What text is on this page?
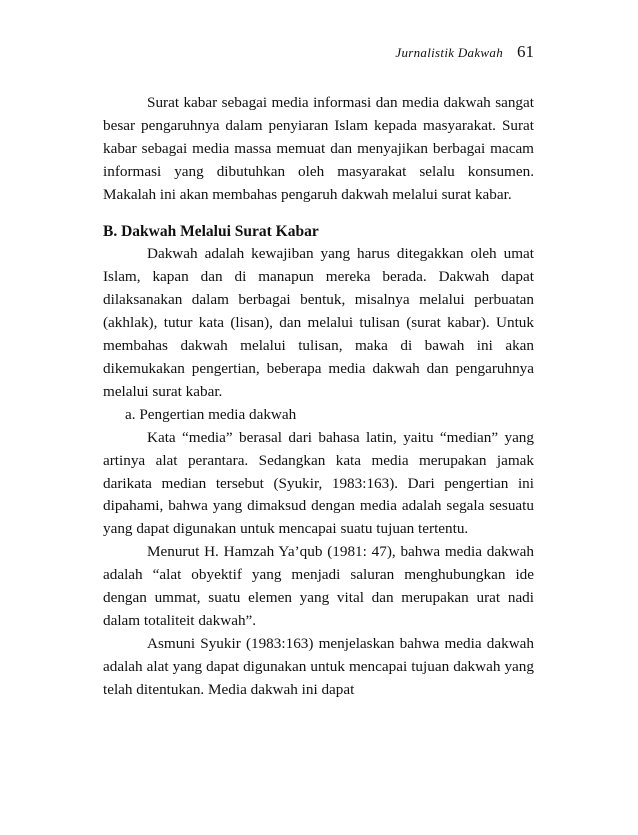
Jurnalistik Dakwah 61

Surat kabar sebagai media informasi dan media dakwah sangat besar pengaruhnya dalam penyiaran Islam kepada masyarakat. Surat kabar sebagai media massa memuat dan menyajikan berbagai macam informasi yang dibutuhkan oleh masyarakat selalu konsumen. Makalah ini akan membahas pengaruh dakwah melalui surat kabar.

B. Dakwah Melalui Surat Kabar

Dakwah adalah kewajiban yang harus ditegakkan oleh umat Islam, kapan dan di manapun mereka berada. Dakwah dapat dilaksanakan dalam berbagai bentuk, misalnya melalui perbuatan (akhlak), tutur kata (lisan), dan melalui tulisan (surat kabar). Untuk membahas dakwah melalui tulisan, maka di bawah ini akan dikemukakan pengertian, beberapa media dakwah dan pengaruhnya melalui surat kabar.

a. Pengertian media dakwah

Kata “media” berasal dari bahasa latin, yaitu “median” yang artinya alat perantara. Sedangkan kata media merupakan jamak darikata median tersebut (Syukir, 1983:163). Dari pengertian ini dipahami, bahwa yang dimaksud dengan media adalah segala sesuatu yang dapat digunakan untuk mencapai suatu tujuan tertentu.

Menurut H. Hamzah Ya’qub (1981: 47), bahwa media dakwah adalah “alat obyektif yang menjadi saluran menghubungkan ide dengan ummat, suatu elemen yang vital dan merupakan urat nadi dalam totaliteit dakwah”.

Asmuni Syukir (1983:163) menjelaskan bahwa media dakwah adalah alat yang dapat digunakan untuk mencapai tujuan dakwah yang telah ditentukan. Media dakwah ini dapat
